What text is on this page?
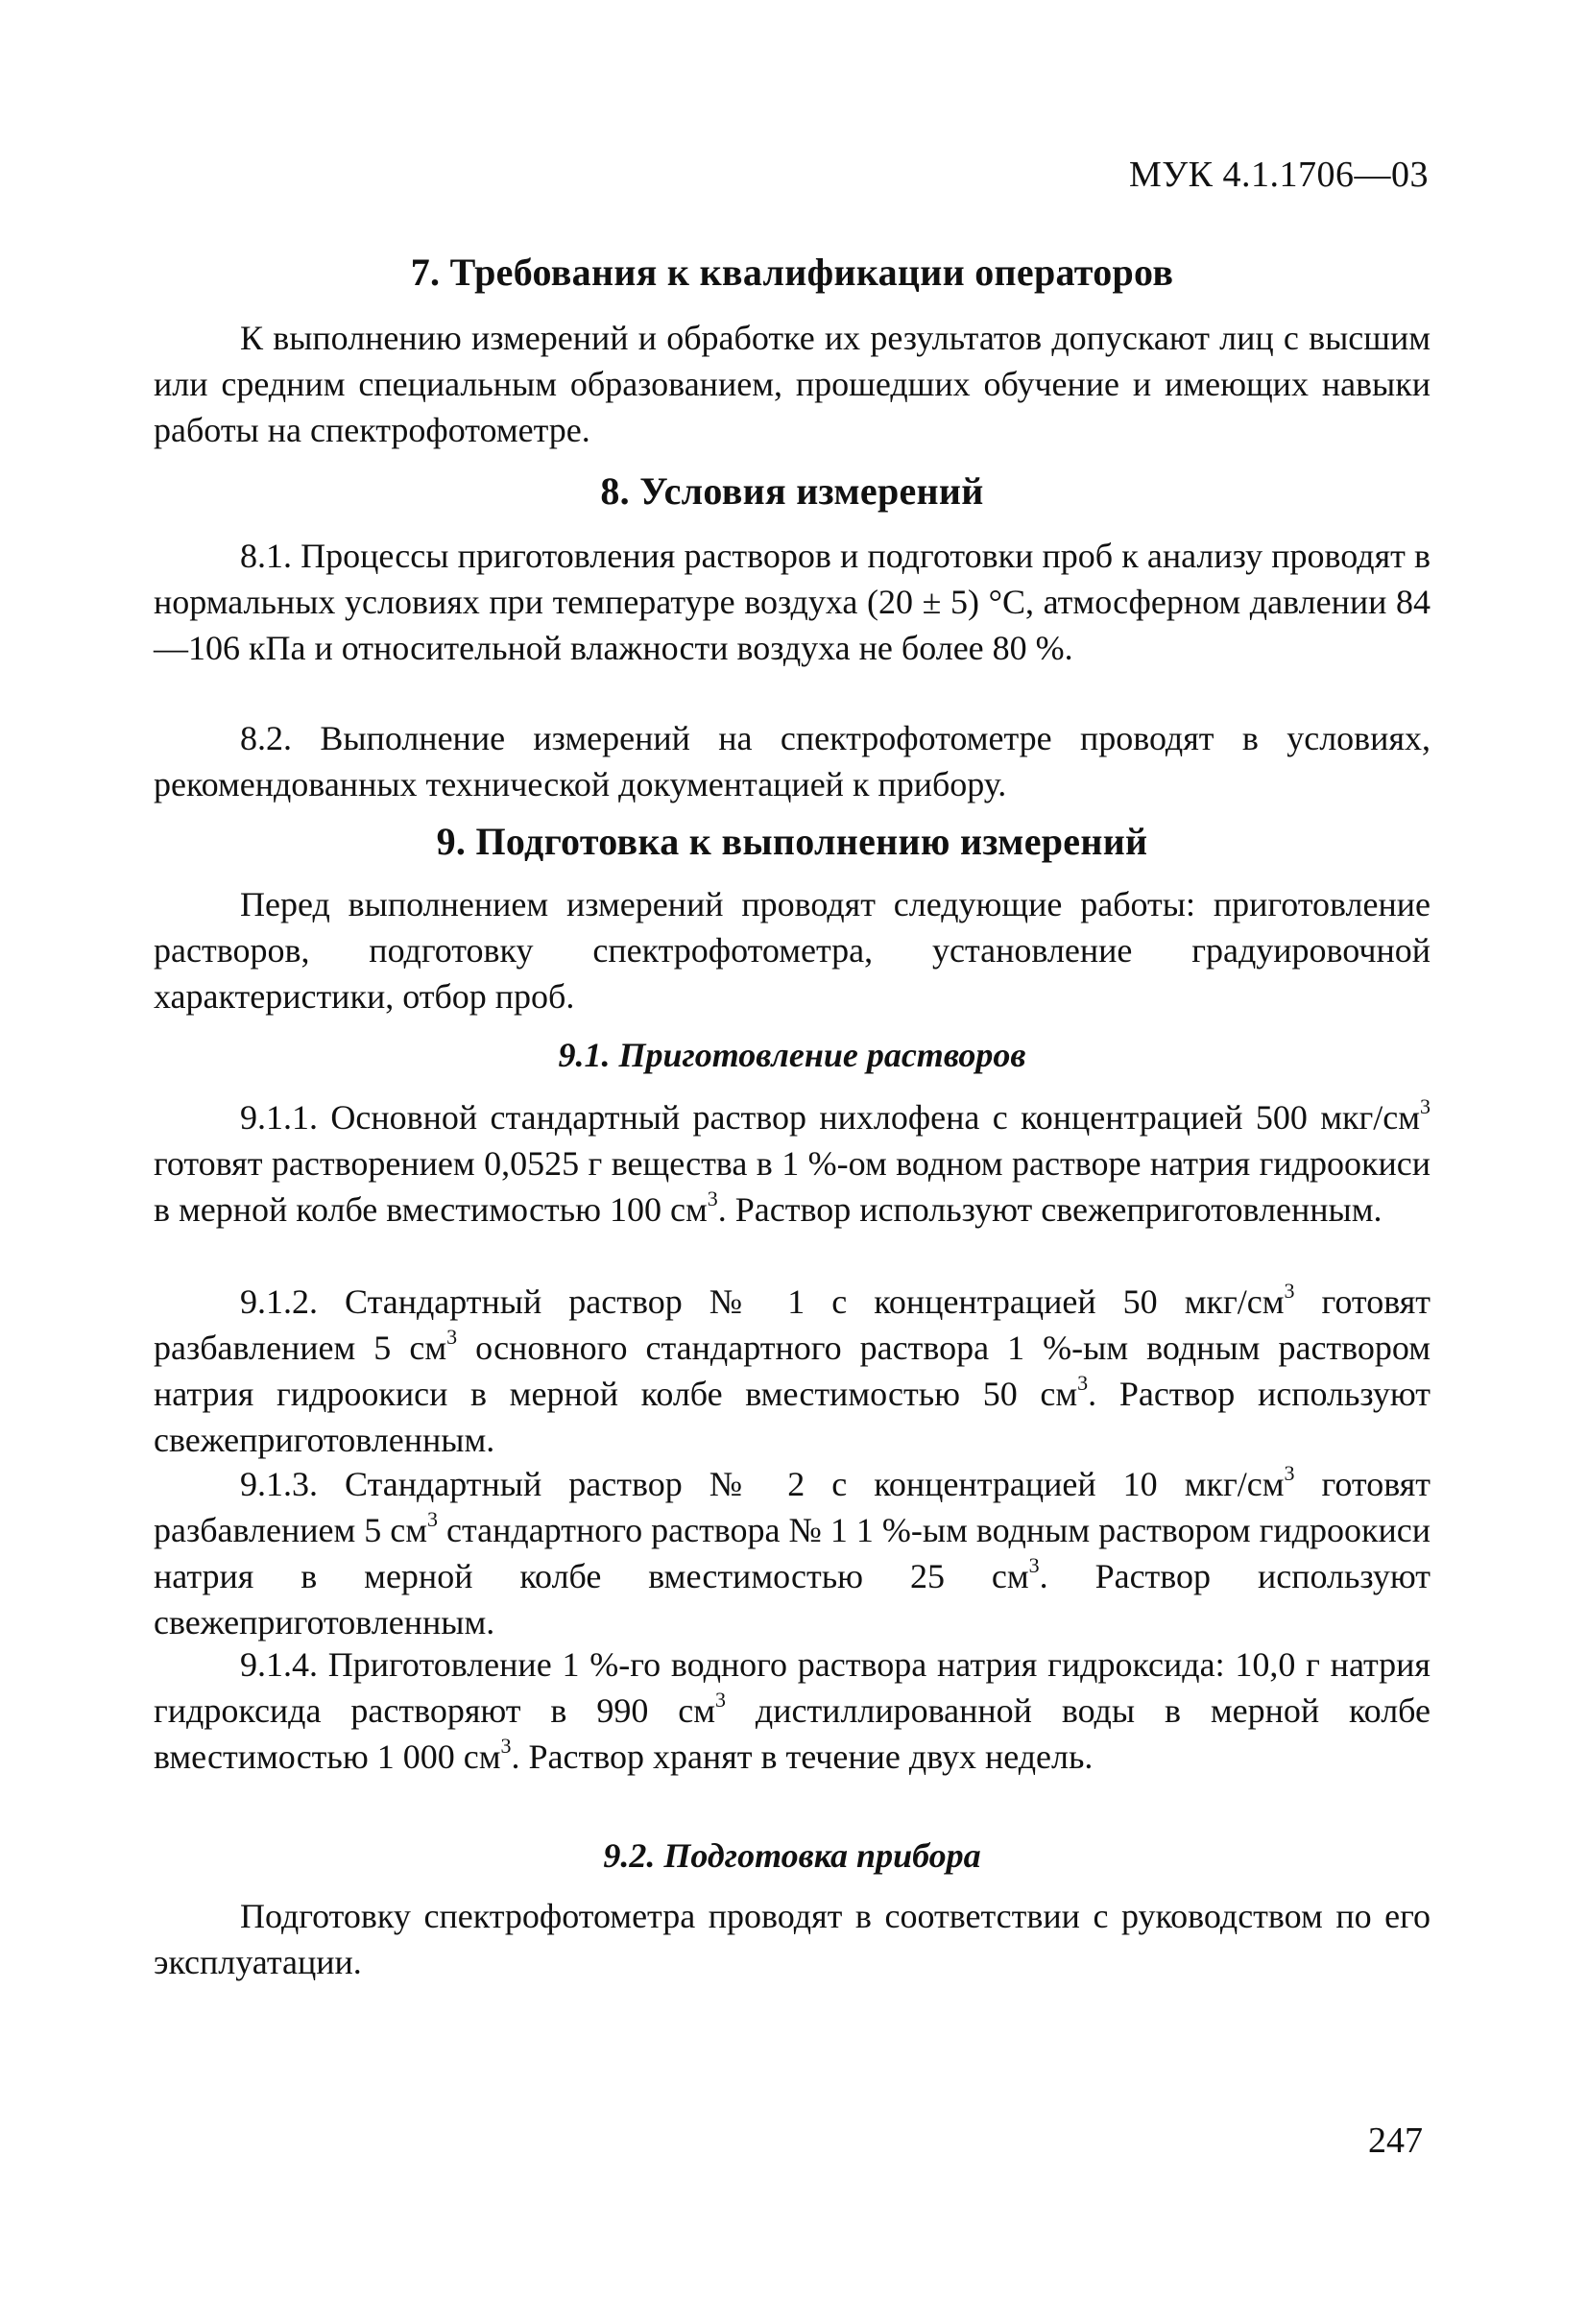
МУК 4.1.1706—03
7. Требования к квалификации операторов

К выполнению измерений и обработке их результатов допускают лиц с высшим или средним специальным образованием, прошедших обучение и имеющих навыки работы на спектрофотометре.

8. Условия измерений

8.1. Процессы приготовления растворов и подготовки проб к анализу проводят в нормальных условиях при температуре воздуха (20 ± 5) °С, атмосферном давлении 84—106 кПа и относительной влажности воздуха не более 80 %.

8.2. Выполнение измерений на спектрофотометре проводят в условиях, рекомендованных технической документацией к прибору.

9. Подготовка к выполнению измерений

Перед выполнением измерений проводят следующие работы: приготовление растворов, подготовку спектрофотометра, установление градуировочной характеристики, отбор проб.

9.1. Приготовление растворов

9.1.1. Основной стандартный раствор нихлофена с концентрацией 500 мкг/$см^3$ готовят растворением 0,0525 г вещества в 1 %-ом водном растворе натрия гидроокиси в мерной колбе вместимостью 100 $см^3$. Раствор используют свежеприготовленным.

9.1.2. Стандартный раствор № 1 с концентрацией 50 мкг/$см^3$ готовят разбавлением 5 $см^3$ основного стандартного раствора 1 %-ым водным раствором натрия гидроокиси в мерной колбе вместимостью 50 $см^3$. Раствор используют свежеприготовленным.

9.1.3. Стандартный раствор № 2 с концентрацией 10 мкг/$см^3$ готовят разбавлением 5 $см^3$ стандартного раствора № 1 1 %-ым водным раствором гидроокиси натрия в мерной колбе вместимостью 25 $см^3$. Раствор используют свежеприготовленным.

9.1.4. Приготовление 1 %-го водного раствора натрия гидроксида: 10,0 г натрия гидроксида растворяют в 990 $см^3$ дистиллированной воды в мерной колбе вместимостью 1 000 $см^3$. Раствор хранят в течение двух недель.

9.2. Подготовка прибора

Подготовку спектрофотометра проводят в соответствии с руководством по его эксплуатации.

247
